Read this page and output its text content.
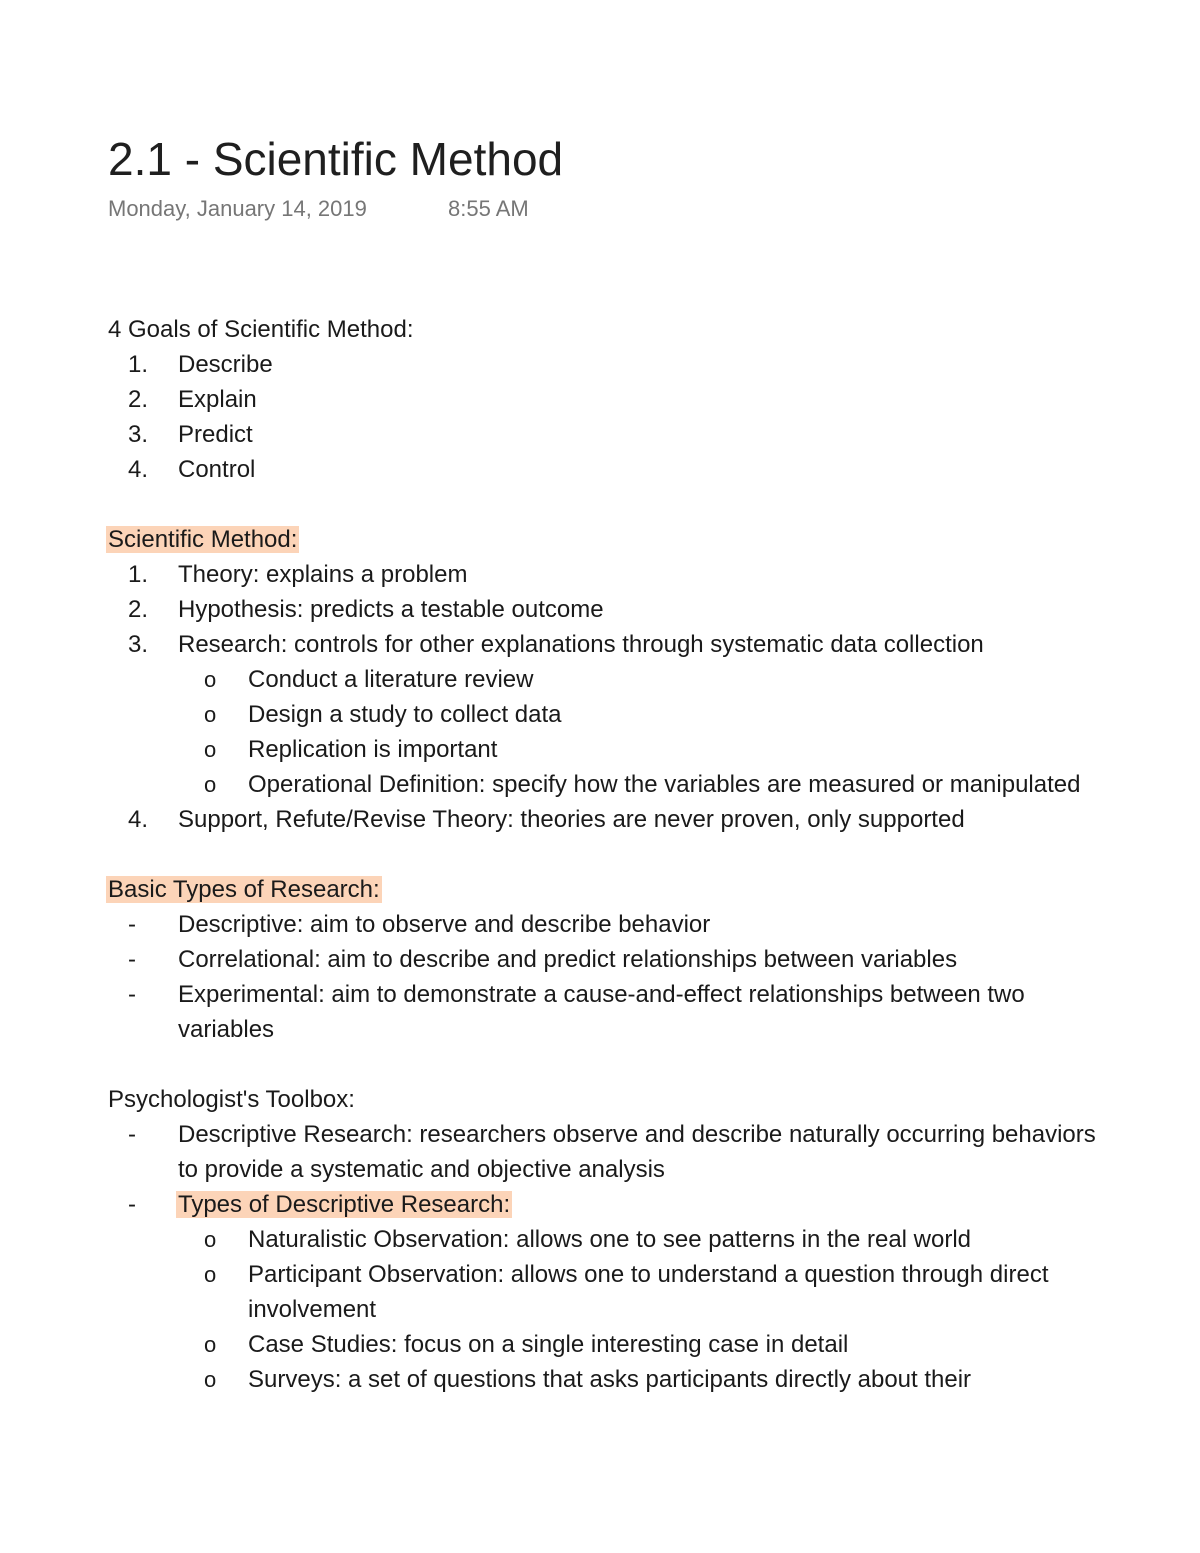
2.1 - Scientific Method
Monday, January 14, 2019	8:55 AM
4 Goals of Scientific Method:
1.	Describe
2.	Explain
3.	Predict
4.	Control
Scientific Method:
1.	Theory: explains a problem
2.	Hypothesis: predicts a testable outcome
3.	Research: controls for other explanations through systematic data collection
o	Conduct a literature review
o	Design a study to collect data
o	Replication is important
o	Operational Definition: specify how the variables are measured or manipulated
4.	Support, Refute/Revise Theory: theories are never proven, only supported
Basic Types of Research:
-	Descriptive: aim to observe and describe behavior
-	Correlational: aim to describe and predict relationships between variables
-	Experimental: aim to demonstrate a cause-and-effect relationships between two variables
Psychologist's Toolbox:
-	Descriptive Research: researchers observe and describe naturally occurring behaviors to provide a systematic and objective analysis
-	Types of Descriptive Research:
o	Naturalistic Observation: allows one to see patterns in the real world
o	Participant Observation: allows one to understand a question through direct involvement
o	Case Studies: focus on a single interesting case in detail
o	Surveys: a set of questions that asks participants directly about their
